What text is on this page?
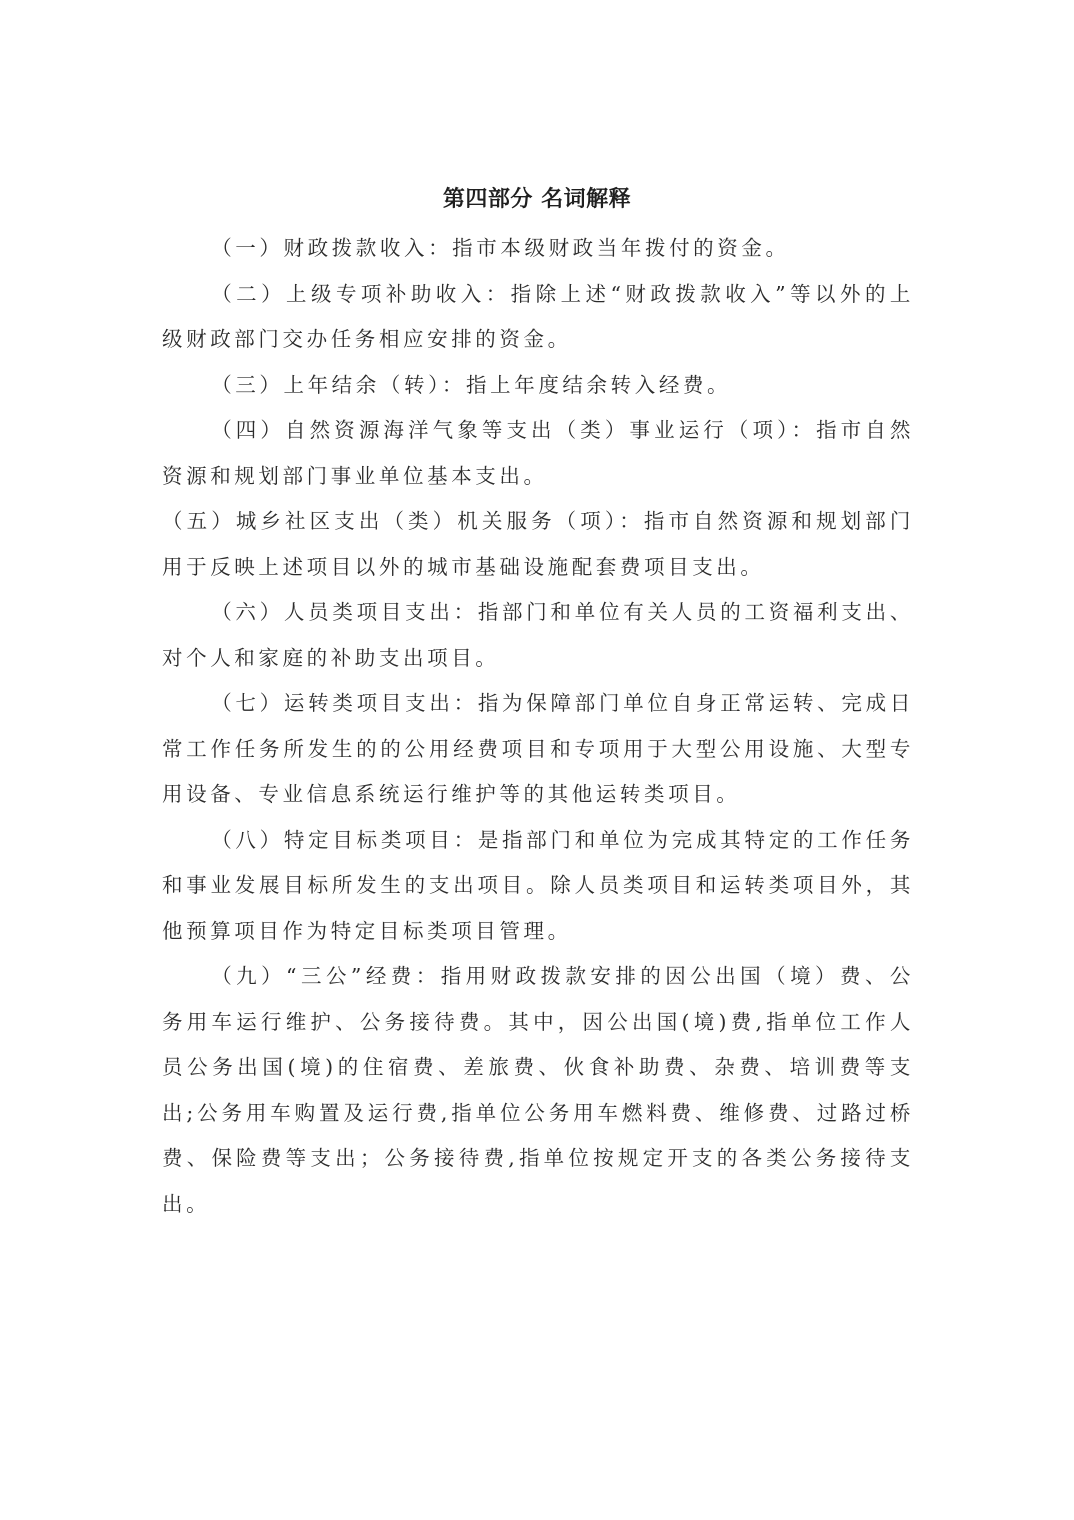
第四部分 名词解释

（一）财政拨款收入：指市本级财政当年拨付的资金。

（二）上级专项补助收入：指除上述“财政拨款收入”等以外的上级财政部门交办任务相应安排的资金。

（三）上年结余（转）：指上年度结余转入经费。

（四）自然资源海洋气象等支出（类）事业运行（项）：指市自然资源和规划部门事业单位基本支出。

（五）城乡社区支出（类）机关服务（项）：指市自然资源和规划部门用于反映上述项目以外的城市基础设施配套费项目支出。

（六）人员类项目支出：指部门和单位有关人员的工资福利支出、对个人和家庭的补助支出项目。

（七）运转类项目支出：指为保障部门单位自身正常运转、完成日常工作任务所发生的的公用经费项目和专项用于大型公用设施、大型专用设备、专业信息系统运行维护等的其他运转类项目。

（八）特定目标类项目：是指部门和单位为完成其特定的工作任务和事业发展目标所发生的支出项目。除人员类项目和运转类项目外，其他预算项目作为特定目标类项目管理。

（九）“三公”经费：指用财政拨款安排的因公出国（境）费、公务用车运行维护、公务接待费。其中，因公出国(境)费,指单位工作人员公务出国(境)的住宿费、差旅费、伙食补助费、杂费、培训费等支出;公务用车购置及运行费,指单位公务用车燃料费、维修费、过路过桥费、保险费等支出；公务接待费,指单位按规定开支的各类公务接待支出。
